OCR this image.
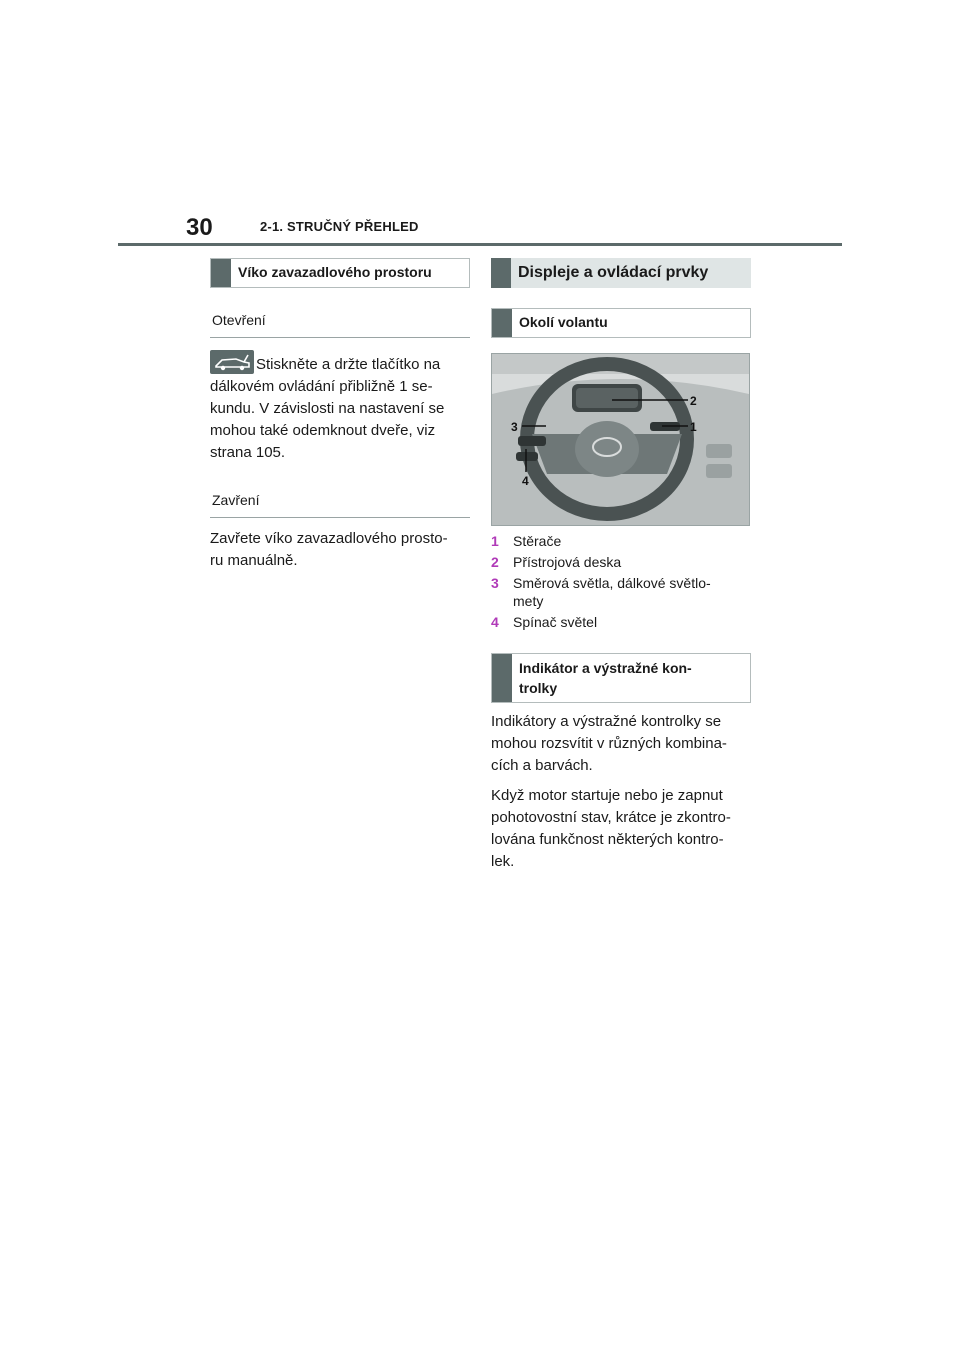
30	2-1. STRUČNÝ PŘEHLED
Víko zavazadlového prostoru
Otevření

Stiskněte a držte tlačítko na
dálkovém ovládání přibližně 1 se-
kundu. V závislosti na nastavení se
mohou také odemknout dveře, viz
strana 105.

Zavření

Zavřete víko zavazadlového prosto-
ru manuálně.

Displeje a ovládací prvky
Okolí volantu
2
1
3
4
1	Stěrače
2	Přístrojová deska
3	Směrová světla, dálkové světlo-
mety
4	Spínač světel
Indikátor a výstražné kon-
trolky

Indikátory a výstražné kontrolky se
mohou rozsvítit v různých kombina-
cích a barvách.

Když motor startuje nebo je zapnut
pohotovostní stav, krátce je zkontro-
lována funkčnost některých kontro-
lek.
